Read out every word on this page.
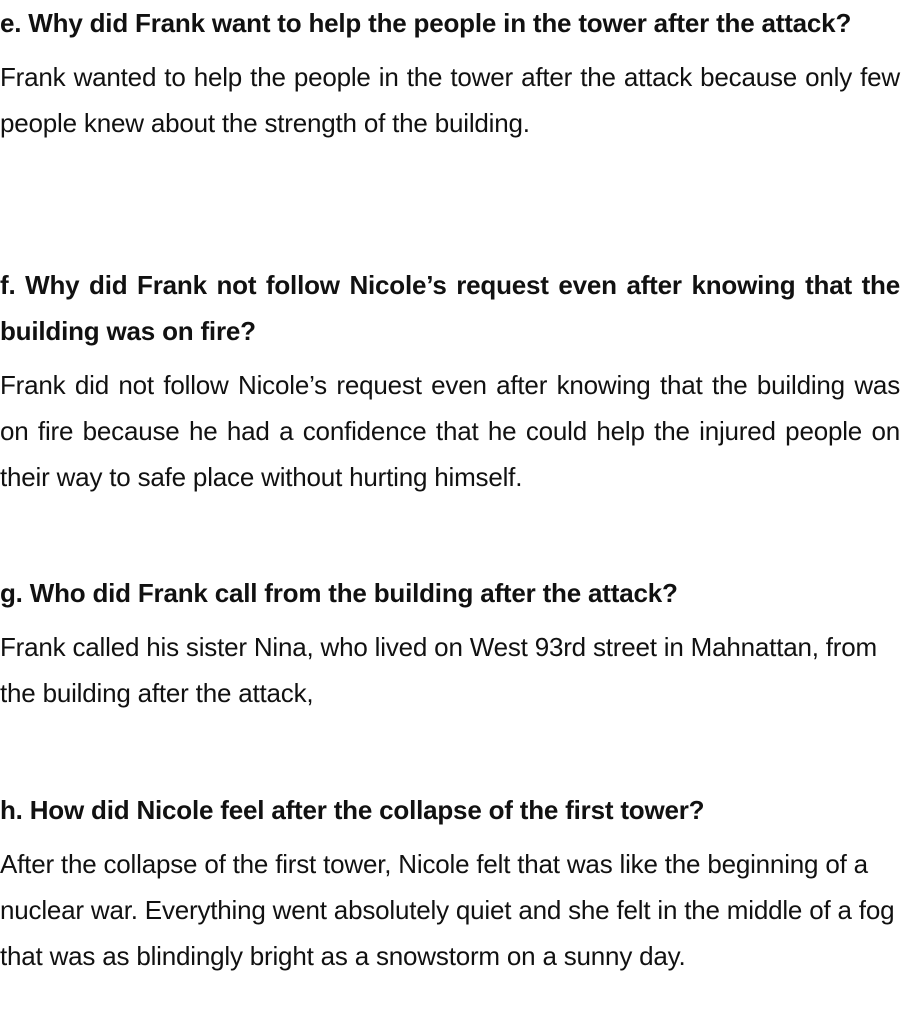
e. Why did Frank want to help the people in the tower after the attack?

Frank wanted to help the people in the tower after the attack because only few people knew about the strength of the building.

f. Why did Frank not follow Nicole’s request even after knowing that the building was on fire?

Frank did not follow Nicole’s request even after knowing that the building was on fire because he had a confidence that he could help the injured people on their way to safe place without hurting himself.

g. Who did Frank call from the building after the attack?

Frank called his sister Nina, who lived on West 93rd street in Mahnattan, from the building after the attack,

h. How did Nicole feel after the collapse of the first tower?

After the collapse of the first tower, Nicole felt that was like the beginning of a nuclear war. Everything went absolutely quiet and she felt in the middle of a fog that was as blindingly bright as a snowstorm on a sunny day.
